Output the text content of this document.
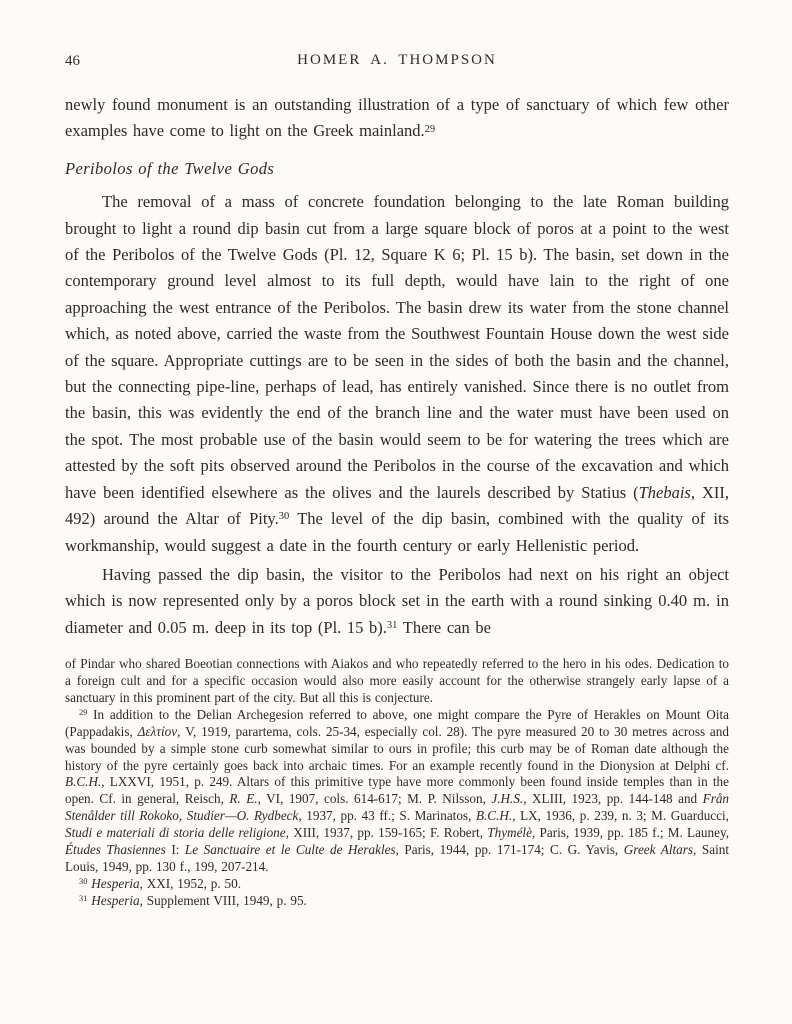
46	HOMER A. THOMPSON

newly found monument is an outstanding illustration of a type of sanctuary of which few other examples have come to light on the Greek mainland.$^{29}$

Peribolos of the Twelve Gods

The removal of a mass of concrete foundation belonging to the late Roman building brought to light a round dip basin cut from a large square block of poros at a point to the west of the Peribolos of the Twelve Gods (Pl. 12, Square K 6; Pl. 15 b). The basin, set down in the contemporary ground level almost to its full depth, would have lain to the right of one approaching the west entrance of the Peribolos. The basin drew its water from the stone channel which, as noted above, carried the waste from the Southwest Fountain House down the west side of the square. Appropriate cuttings are to be seen in the sides of both the basin and the channel, but the connecting pipe-line, perhaps of lead, has entirely vanished. Since there is no outlet from the basin, this was evidently the end of the branch line and the water must have been used on the spot. The most probable use of the basin would seem to be for watering the trees which are attested by the soft pits observed around the Peribolos in the course of the excavation and which have been identified elsewhere as the olives and the laurels described by Statius (Thebais, XII, 492) around the Altar of Pity.$^{30}$ The level of the dip basin, combined with the quality of its workmanship, would suggest a date in the fourth century or early Hellenistic period.

Having passed the dip basin, the visitor to the Peribolos had next on his right an object which is now represented only by a poros block set in the earth with a round sinking 0.40 m. in diameter and 0.05 m. deep in its top (Pl. 15 b).$^{31}$ There can be

of Pindar who shared Boeotian connections with Aiakos and who repeatedly referred to the hero in his odes. Dedication to a foreign cult and for a specific occasion would also more easily account for the otherwise strangely early lapse of a sanctuary in this prominent part of the city. But all this is conjecture.

$^{29}$ In addition to the Delian Archegesion referred to above, one might compare the Pyre of Herakles on Mount Oita (Pappadakis, Δελτίον, V, 1919, parartema, cols. 25-34, especially col. 28). The pyre measured 20 to 30 metres across and was bounded by a simple stone curb somewhat similar to ours in profile; this curb may be of Roman date although the history of the pyre certainly goes back into archaic times. For an example recently found in the Dionysion at Delphi cf. B.C.H., LXXVI, 1951, p. 249. Altars of this primitive type have more commonly been found inside temples than in the open. Cf. in general, Reisch, R. E., VI, 1907, cols. 614-617; M. P. Nilsson, J.H.S., XLIII, 1923, pp. 144-148 and Från Stenålder till Rokoko, Studier—O. Rydbeck, 1937, pp. 43 ff.; S. Marinatos, B.C.H., LX, 1936, p. 239, n. 3; M. Guarducci, Studi e materiali di storia delle religione, XIII, 1937, pp. 159-165; F. Robert, Thymélè, Paris, 1939, pp. 185 f.; M. Launey, Études Thasiennes I: Le Sanctuaire et le Culte de Herakles, Paris, 1944, pp. 171-174; C. G. Yavis, Greek Altars, Saint Louis, 1949, pp. 130 f., 199, 207-214.

$^{30}$ Hesperia, XXI, 1952, p. 50.

$^{31}$ Hesperia, Supplement VIII, 1949, p. 95.
